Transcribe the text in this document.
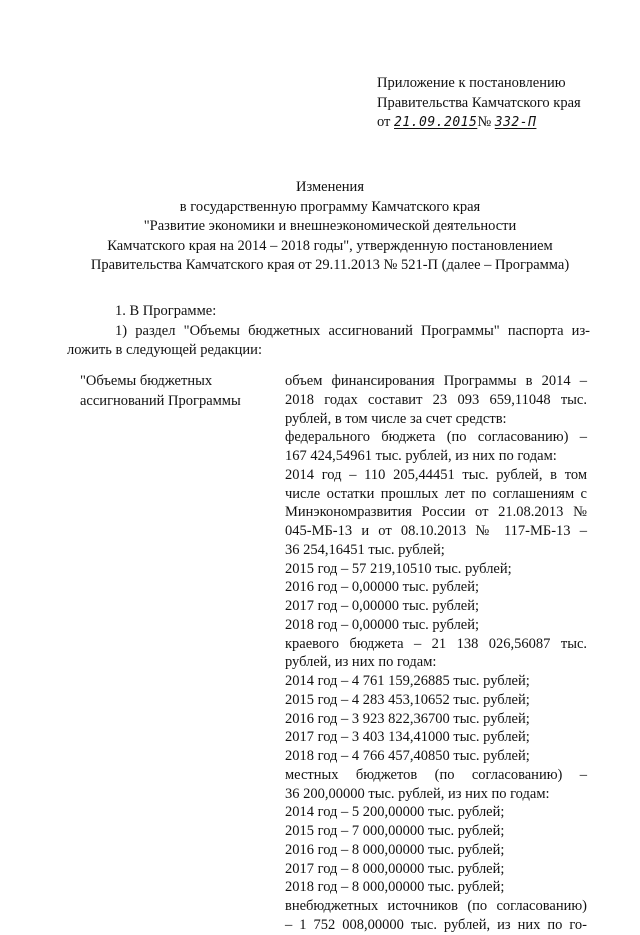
Приложение к постановлению
Правительства Камчатского края
от 21.09.2015№ 332-П
Изменения
в государственную программу Камчатского края
"Развитие экономики и внешнеэкономической деятельности
Камчатского края на 2014 – 2018 годы", утвержденную постановлением
Правительства Камчатского края от 29.11.2013 № 521-П (далее – Программа)
1. В Программе:
1) раздел "Объемы бюджетных ассигнований Программы" паспорта из-
ложить в следующей редакции:
"Объемы бюджетных ассигнований Программы
объем финансирования Программы в 2014 –
2018 годах составит 23 093 659,11048 тыс.
рублей, в том числе за счет средств:
федерального бюджета (по согласованию) –
167 424,54961 тыс. рублей, из них по годам:
2014 год – 110 205,44451 тыс. рублей, в том
числе остатки прошлых лет по соглашениям с
Минэкономразвития России от 21.08.2013 №
045-МБ-13 и от 08.10.2013 № 117-МБ-13 –
36 254,16451 тыс. рублей;
2015 год – 57 219,10510 тыс. рублей;
2016 год – 0,00000 тыс. рублей;
2017 год – 0,00000 тыс. рублей;
2018 год – 0,00000 тыс. рублей;
краевого бюджета – 21 138 026,56087 тыс.
рублей, из них по годам:
2014 год – 4 761 159,26885 тыс. рублей;
2015 год – 4 283 453,10652 тыс. рублей;
2016 год – 3 923 822,36700 тыс. рублей;
2017 год – 3 403 134,41000 тыс. рублей;
2018 год – 4 766 457,40850 тыс. рублей;
местных бюджетов (по согласованию) –
36 200,00000 тыс. рублей, из них по годам:
2014 год – 5 200,00000 тыс. рублей;
2015 год – 7 000,00000 тыс. рублей;
2016 год – 8 000,00000 тыс. рублей;
2017 год – 8 000,00000 тыс. рублей;
2018 год – 8 000,00000 тыс. рублей;
внебюджетных источников (по согласованию)
– 1 752 008,00000 тыс. рублей, из них по го-
